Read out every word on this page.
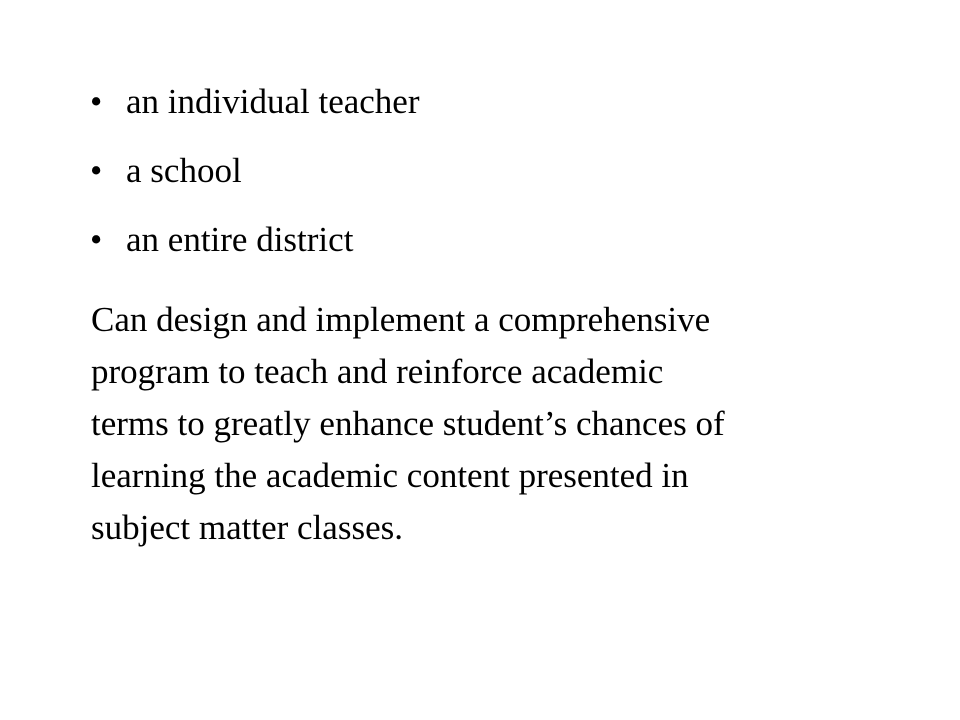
• an individual teacher
• a school
• an entire district

Can design and implement a comprehensive
program to teach and reinforce academic
terms to greatly enhance student’s chances of
learning the academic content presented in
subject matter classes.
